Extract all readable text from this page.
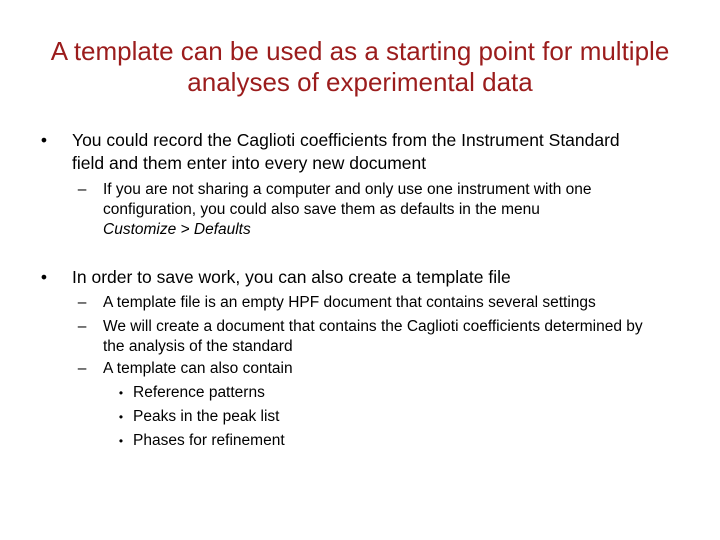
A template can be used as a starting point for multiple analyses of experimental data
•	You could record the Caglioti coefficients from the Instrument Standard field and them enter into every new document
–	If you are not sharing a computer and only use one instrument with one configuration, you could also save them as defaults in the menu
Customize > Defaults
•	In order to save work, you can also create a template file
–	A template file is an empty HPF document that contains several settings
–	We will create a document that contains the Caglioti coefficients determined by the analysis of the standard
–	A template can also contain
• Reference patterns
• Peaks in the peak list
• Phases for refinement
